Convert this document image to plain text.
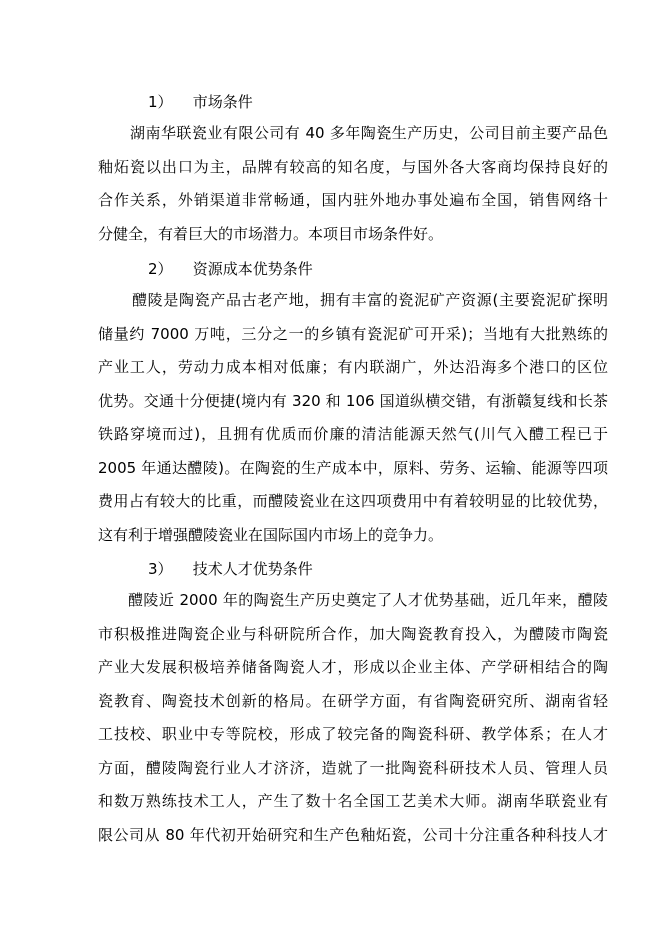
1） 市场条件
湖南华联瓷业有限公司有 40 多年陶瓷生产历史，公司目前主要产品色
釉炻瓷以出口为主，品牌有较高的知名度，与国外各大客商均保持良好的
合作关系，外销渠道非常畅通，国内驻外地办事处遍布全国，销售网络十
分健全，有着巨大的市场潜力。本项目市场条件好。
2） 资源成本优势条件
醴陵是陶瓷产品古老产地，拥有丰富的瓷泥矿产资源(主要瓷泥矿探明
储量约 7000 万吨，三分之一的乡镇有瓷泥矿可开采)；当地有大批熟练的
产业工人，劳动力成本相对低廉；有内联湖广，外达沿海多个港口的区位
优势。交通十分便捷(境内有 320 和 106 国道纵横交错，有浙赣复线和长茶
铁路穿境而过)，且拥有优质而价廉的清洁能源天然气(川气入醴工程已于
2005 年通达醴陵)。在陶瓷的生产成本中，原料、劳务、运输、能源等四项
费用占有较大的比重，而醴陵瓷业在这四项费用中有着较明显的比较优势，
这有利于增强醴陵瓷业在国际国内市场上的竞争力。
3） 技术人才优势条件
醴陵近 2000 年的陶瓷生产历史奠定了人才优势基础，近几年来，醴陵
市积极推进陶瓷企业与科研院所合作，加大陶瓷教育投入，为醴陵市陶瓷
产业大发展积极培养储备陶瓷人才，形成以企业主体、产学研相结合的陶
瓷教育、陶瓷技术创新的格局。在研学方面，有省陶瓷研究所、湖南省轻
工技校、职业中专等院校，形成了较完备的陶瓷科研、教学体系；在人才
方面，醴陵陶瓷行业人才济济，造就了一批陶瓷科研技术人员、管理人员
和数万熟练技术工人，产生了数十名全国工艺美术大师。湖南华联瓷业有
限公司从 80 年代初开始研究和生产色釉炻瓷，公司十分注重各种科技人才
